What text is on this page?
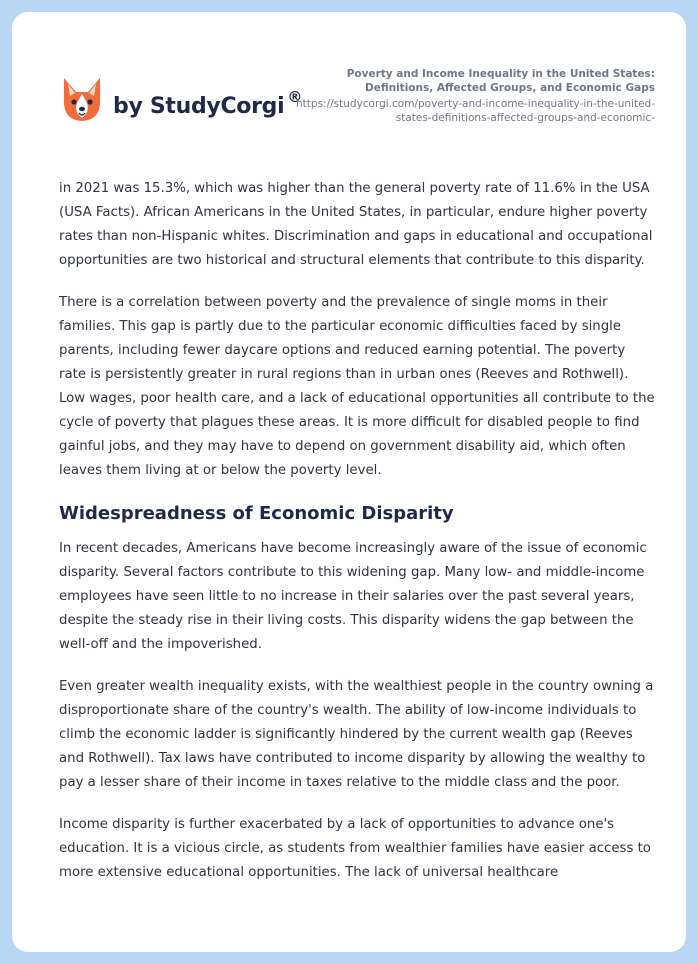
by StudyCorgi ®
Poverty and Income Inequality in the United States: Definitions, Affected Groups, and Economic Gaps
https://studycorgi.com/poverty-and-income-inequality-in-the-united-states-definitions-affected-groups-and-economic-

in 2021 was 15.3%, which was higher than the general poverty rate of 11.6% in the USA (USA Facts). African Americans in the United States, in particular, endure higher poverty rates than non-Hispanic whites. Discrimination and gaps in educational and occupational opportunities are two historical and structural elements that contribute to this disparity.

There is a correlation between poverty and the prevalence of single moms in their families. This gap is partly due to the particular economic difficulties faced by single parents, including fewer daycare options and reduced earning potential. The poverty rate is persistently greater in rural regions than in urban ones (Reeves and Rothwell). Low wages, poor health care, and a lack of educational opportunities all contribute to the cycle of poverty that plagues these areas. It is more difficult for disabled people to find gainful jobs, and they may have to depend on government disability aid, which often leaves them living at or below the poverty level.

Widespreadness of Economic Disparity

In recent decades, Americans have become increasingly aware of the issue of economic disparity. Several factors contribute to this widening gap. Many low- and middle-income employees have seen little to no increase in their salaries over the past several years, despite the steady rise in their living costs. This disparity widens the gap between the well-off and the impoverished.

Even greater wealth inequality exists, with the wealthiest people in the country owning a disproportionate share of the country's wealth. The ability of low-income individuals to climb the economic ladder is significantly hindered by the current wealth gap (Reeves and Rothwell). Tax laws have contributed to income disparity by allowing the wealthy to pay a lesser share of their income in taxes relative to the middle class and the poor.

Income disparity is further exacerbated by a lack of opportunities to advance one's education. It is a vicious circle, as students from wealthier families have easier access to more extensive educational opportunities. The lack of universal healthcare
